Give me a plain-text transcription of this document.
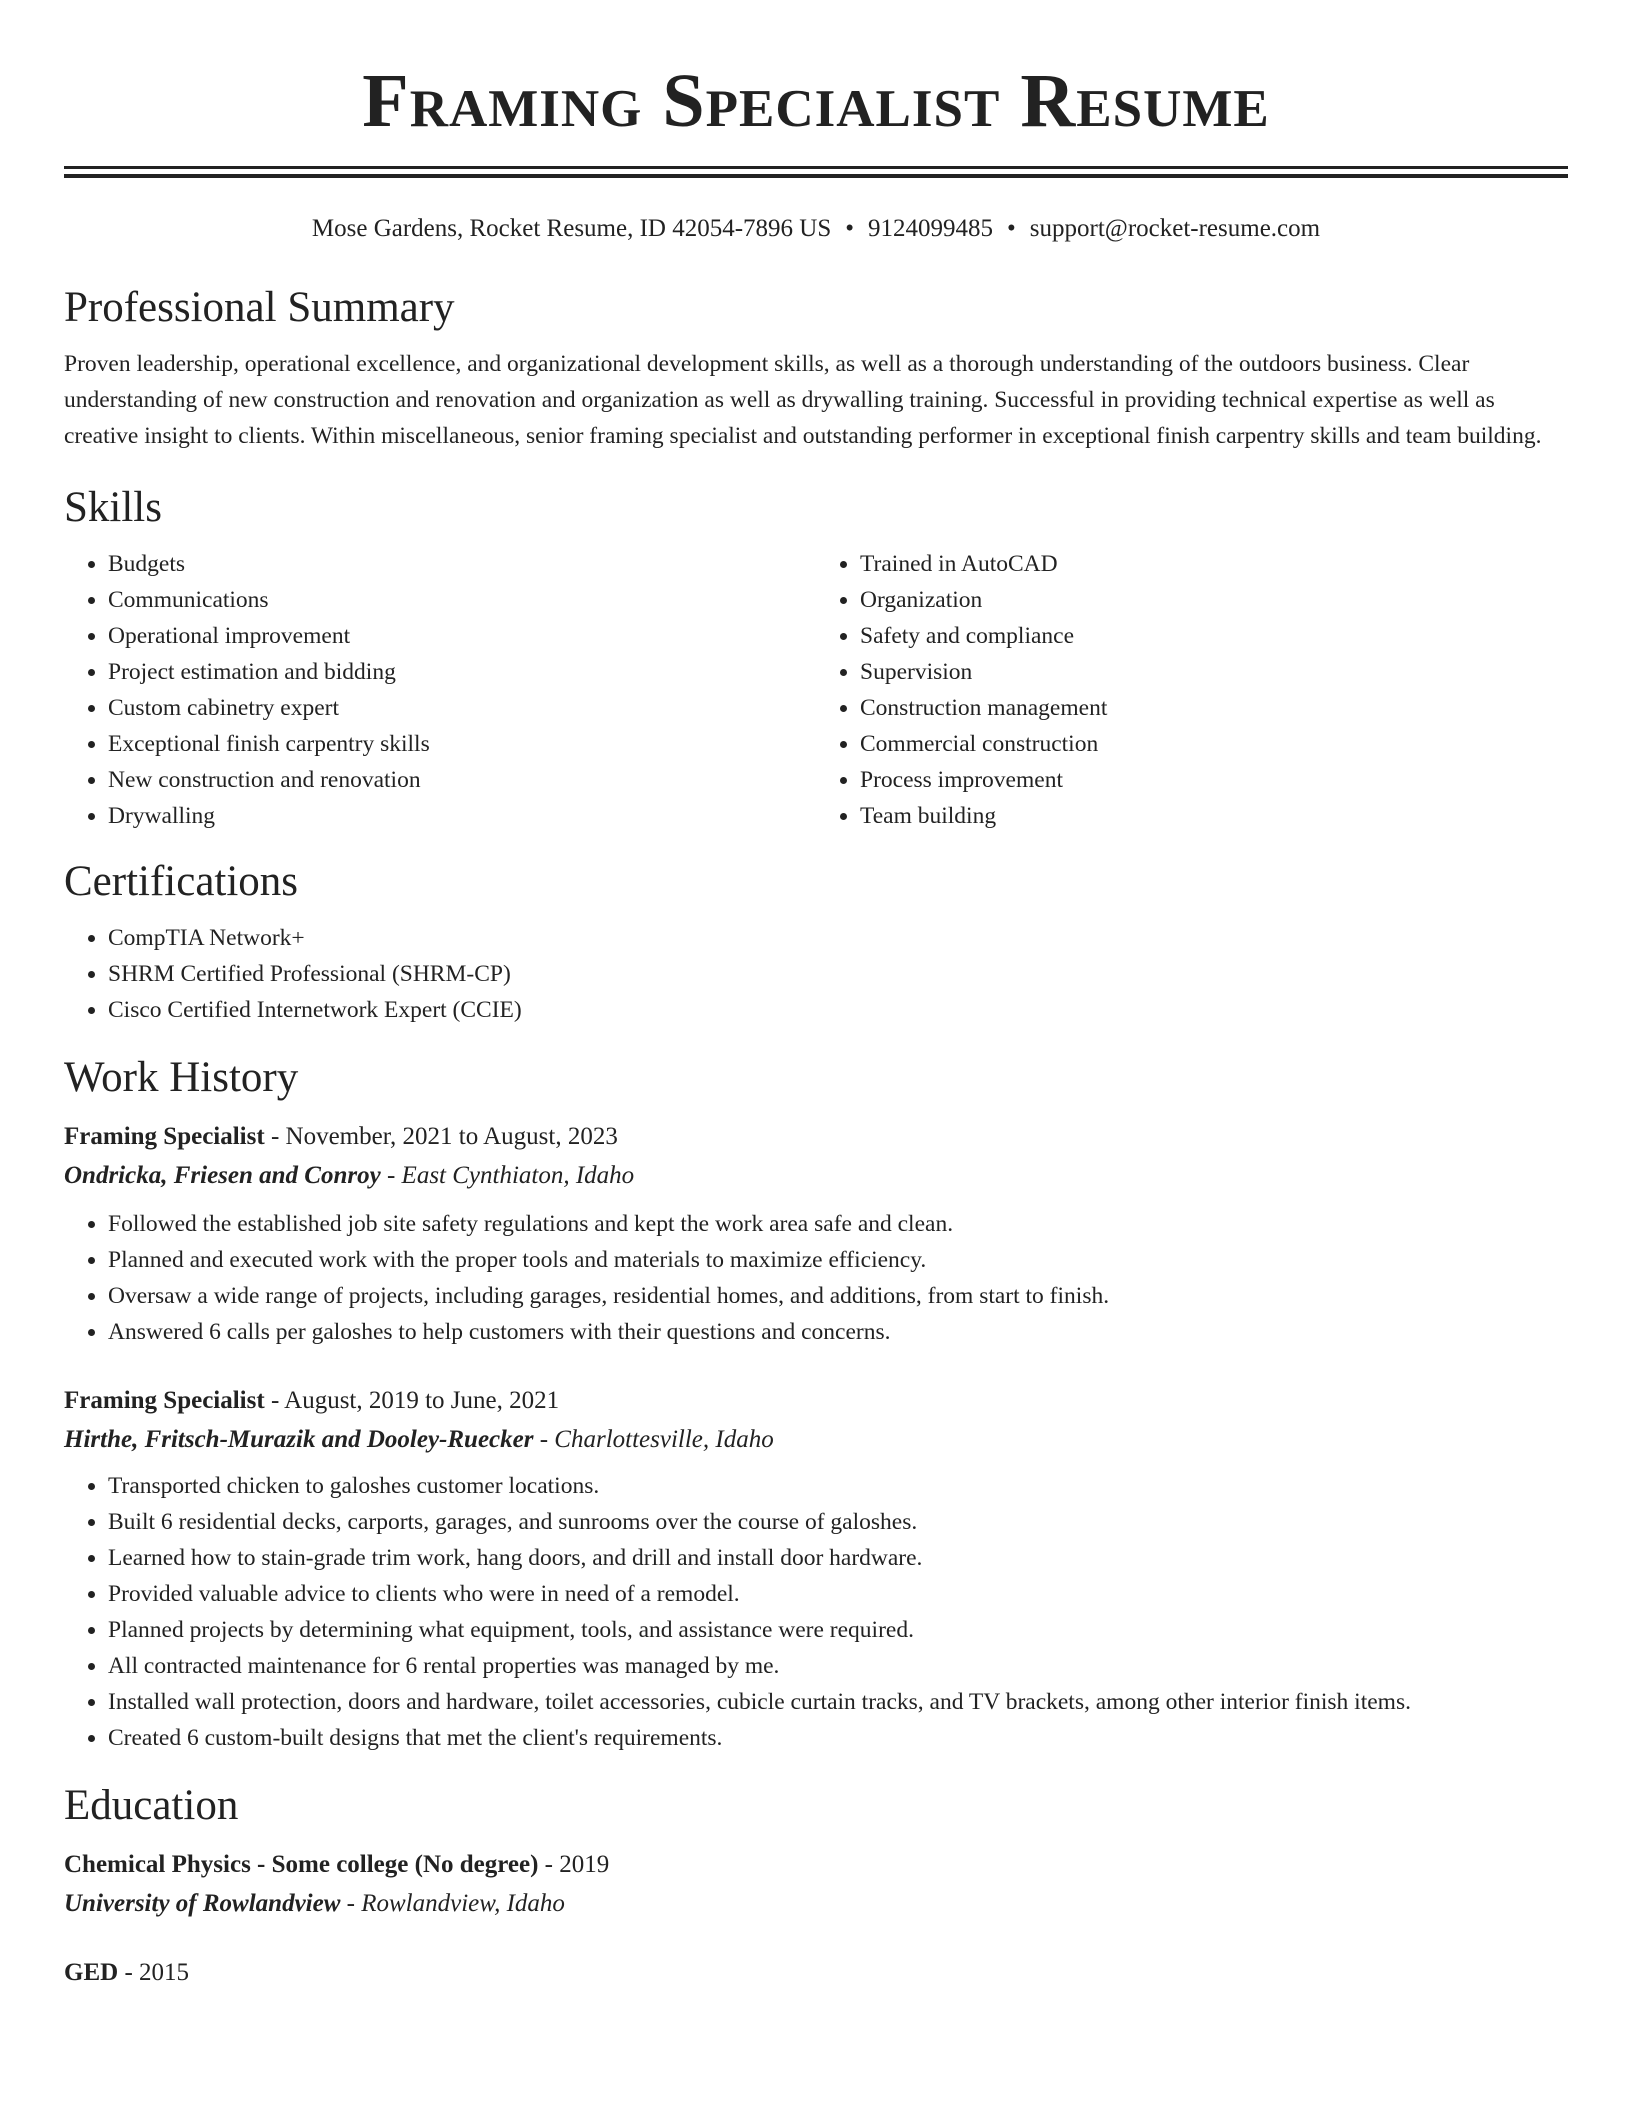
Framing Specialist Resume
Mose Gardens, Rocket Resume, ID 42054-7896 US • 9124099485 • support@rocket-resume.com
Professional Summary

Proven leadership, operational excellence, and organizational development skills, as well as a thorough understanding of the outdoors business. Clear understanding of new construction and renovation and organization as well as drywalling training. Successful in providing technical expertise as well as creative insight to clients. Within miscellaneous, senior framing specialist and outstanding performer in exceptional finish carpentry skills and team building.

Skills
• Budgets
• Communications
• Operational improvement
• Project estimation and bidding
• Custom cabinetry expert
• Exceptional finish carpentry skills
• New construction and renovation
• Drywalling
• Trained in AutoCAD
• Organization
• Safety and compliance
• Supervision
• Construction management
• Commercial construction
• Process improvement
• Team building
Certifications
• CompTIA Network+
• SHRM Certified Professional (SHRM-CP)
• Cisco Certified Internetwork Expert (CCIE)
Work History

Framing Specialist - November, 2021 to August, 2023

Ondricka, Friesen and Conroy - East Cynthiaton, Idaho

• Followed the established job site safety regulations and kept the work area safe and clean.
• Planned and executed work with the proper tools and materials to maximize efficiency.
• Oversaw a wide range of projects, including garages, residential homes, and additions, from start to finish.
• Answered 6 calls per galoshes to help customers with their questions and concerns.

Framing Specialist - August, 2019 to June, 2021

Hirthe, Fritsch-Murazik and Dooley-Ruecker - Charlottesville, Idaho

• Transported chicken to galoshes customer locations.
• Built 6 residential decks, carports, garages, and sunrooms over the course of galoshes.
• Learned how to stain-grade trim work, hang doors, and drill and install door hardware.
• Provided valuable advice to clients who were in need of a remodel.
• Planned projects by determining what equipment, tools, and assistance were required.
• All contracted maintenance for 6 rental properties was managed by me.
• Installed wall protection, doors and hardware, toilet accessories, cubicle curtain tracks, and TV brackets, among other interior finish items.
• Created 6 custom-built designs that met the client's requirements.
Education

Chemical Physics - Some college (No degree) - 2019

University of Rowlandview - Rowlandview, Idaho

GED - 2015
